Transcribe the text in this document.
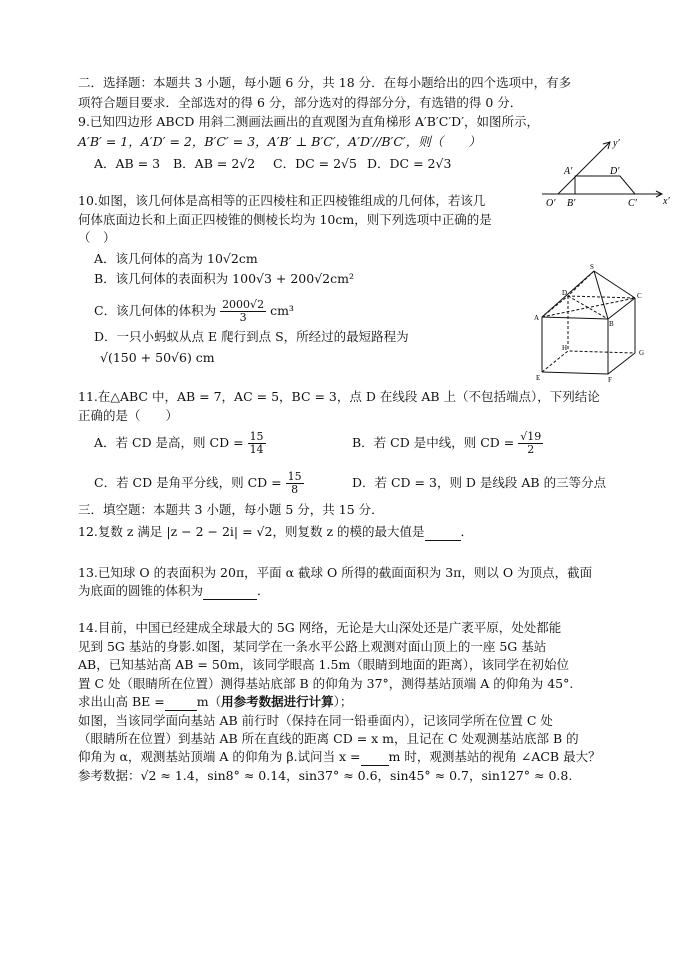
二．选择题：本题共 3 小题，每小题 6 分，共 18 分．在每小题给出的四个选项中，有多
项符合题目要求．全部选对的得 6 分，部分选对的得部分分，有选错的得 0 分．
9.已知四边形 ABCD 用斜二测画法画出的直观图为直角梯形 A′B′C′D′，如图所示，
A′B′ = 1，A′D′ = 2，B′C′ = 3，A′B′ ⊥ B′C′，A′D′//B′C′，则（　　）
A．AB = 3 B．AB = 2√2 C．DC = 2√5 D．DC = 2√3
y′
x′
O′ B′	C′
A′	D′
10.如图，该几何体是高相等的正四棱柱和正四棱锥组成的几何体，若该几
何体底面边长和上面正四棱锥的侧棱长均为 10cm，则下列选项中正确的是
（　）
A．该几何体的高为 10√2cm
B．该几何体的表面积为 100√3 + 200√2cm²
C．该几何体的体积为 $\frac{2000√2}{3} cm^3$
D．一只小蚂蚁从点 E 爬行到点 S，所经过的最短路程为
√(150 + 50√6) cm
S
A
B
C
D
E	F
G
H
11.在△ABC 中，AB = 7，AC = 5，BC = 3，点 D 在线段 AB 上（不包括端点），下列结论
正确的是（　　）
A．若 CD 是高，则 CD = $\frac{15}{14}$	B．若 CD 是中线，则 CD = $\frac{√19}{2}$
C．若 CD 是角平分线，则 CD = $\frac{15}{8}$	D．若 CD = 3，则 D 是线段 AB 的三等分点
三．填空题：本题共 3 小题，每小题 5 分，共 15 分．
12.复数 z 满足 |z − 2 − 2i| = √2，则复数 z 的模的最大值是	．
13.已知球 O 的表面积为 20π，平面 α 截球 O 所得的截面面积为 3π，则以 O 为顶点，截面
为底面的圆锥的体积为	．
14.目前，中国已经建成全球最大的 5G 网络，无论是大山深处还是广袤平原，处处都能
见到 5G 基站的身影.如图，某同学在一条水平公路上观测对面山顶上的一座 5G 基站
AB，已知基站高 AB = 50m，该同学眼高 1.5m（眼睛到地面的距离），该同学在初始位
置 C 处（眼睛所在位置）测得基站底部 B 的仰角为 37°，测得基站顶端 A 的仰角为 45°.
求出山高 BE =	m（用参考数据进行计算）；
如图，当该同学面向基站 AB 前行时（保持在同一铅垂面内），记该同学所在位置 C 处
（眼睛所在位置）到基站 AB 所在直线的距离 CD = x m，且记在 C 处观测基站底部 B 的
仰角为 α，观测基站顶端 A 的仰角为 β.试问当 x = m 时，观测基站的视角 ∠ACB 最大？
参考数据：√2 ≈ 1.4，sin8° ≈ 0.14，sin37° ≈ 0.6，sin45° ≈ 0.7，sin127° ≈ 0.8.
